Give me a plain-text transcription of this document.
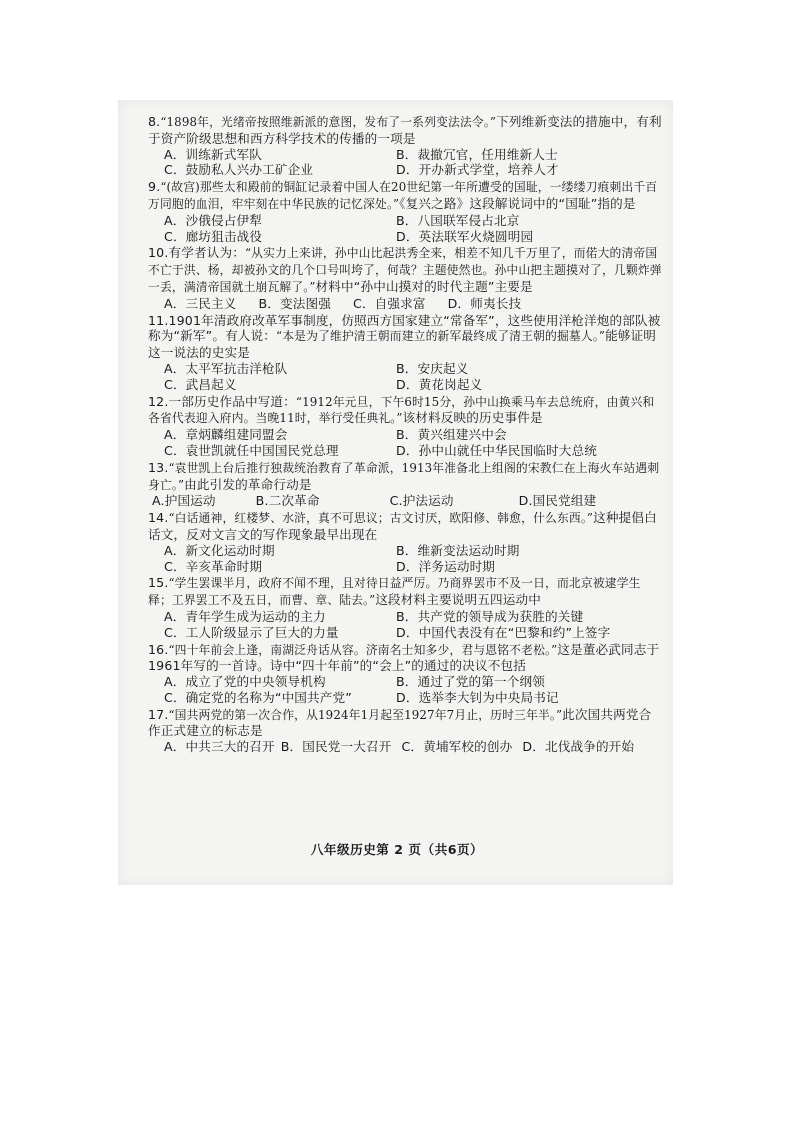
8.“1898年，光绪帝按照维新派的意图，发布了一系列变法法令。”下列维新变法的措施中，有利于资产阶级思想和西方科学技术的传播的一项是
A．训练新式军队	B．裁撤冗官，任用维新人士
C．鼓励私人兴办工矿企业	D．开办新式学堂，培养人才
9.“(故宫)那些太和殿前的铜缸记录着中国人在20世纪第一年所遭受的国耻，一缕缕刀痕刺出千百万同胞的血泪，牢牢刻在中华民族的记忆深处。”《复兴之路》这段解说词中的“国耻”指的是
A．沙俄侵占伊犁	B．八国联军侵占北京
C．廊坊狙击战役	D．英法联军火烧圆明园
10.有学者认为：“从实力上来讲，孙中山比起洪秀全来，相差不知几千万里了，而偌大的清帝国不亡于洪、杨，却被孙文的几个口号叫垮了，何哉？主题使然也。孙中山把主题摸对了，几颗炸弹一丢，满清帝国就土崩瓦解了。”材料中“孙中山摸对的时代主题”主要是
A．三民主义 B．变法图强 C．自强求富 D．师夷长技
11.1901年清政府改革军事制度，仿照西方国家建立“常备军”，这些使用洋枪洋炮的部队被称为“新军”。有人说：“本是为了维护清王朝而建立的新军最终成了清王朝的掘墓人。”能够证明这一说法的史实是
A．太平军抗击洋枪队	B．安庆起义
C．武昌起义	D．黄花岗起义
12.一部历史作品中写道：“1912年元旦，下午6时15分，孙中山换乘马车去总统府，由黄兴和各省代表迎入府内。当晚11时，举行受任典礼。”该材料反映的历史事件是
A．章炳麟组建同盟会	B．黄兴组建兴中会
C．袁世凯就任中国国民党总理	D．孙中山就任中华民国临时大总统
13.“袁世凯上台后推行独裁统治教育了革命派，1913年准备北上组阁的宋教仁在上海火车站遇刺身亡。”由此引发的革命行动是
A.护国运动	B.二次革命	C.护法运动	D.国民党组建
14.“白话通神，红楼梦、水浒，真不可思议；古文讨厌，欧阳修、韩愈，什么东西。”这种提倡白话文，反对文言文的写作现象最早出现在
A．新文化运动时期	B．维新变法运动时期
C．辛亥革命时期	D．洋务运动时期
15.“学生罢课半月，政府不闻不理，且对待日益严厉。乃商界罢市不及一日，而北京被逮学生释；工界罢工不及五日，而曹、章、陆去。”这段材料主要说明五四运动中
A．青年学生成为运动的主力	B．共产党的领导成为获胜的关键
C．工人阶级显示了巨大的力量	D．中国代表没有在“巴黎和约”上签字
16.“四十年前会上逢，南湖泛舟话从容。济南名士知多少，君与恩铭不老松。”这是董必武同志于1961年写的一首诗。诗中“四十年前”的“会上”的通过的决议不包括
A．成立了党的中央领导机构	B．通过了党的第一个纲领
C．确定党的名称为“中国共产党”	D．选举李大钊为中央局书记
17.“国共两党的第一次合作，从1924年1月起至1927年7月止，历时三年半。”此次国共两党合作正式建立的标志是
A．中共三大的召开 B．国民党一大召开 C．黄埔军校的创办 D．北伐战争的开始
八年级历史第 2 页（共6页）
